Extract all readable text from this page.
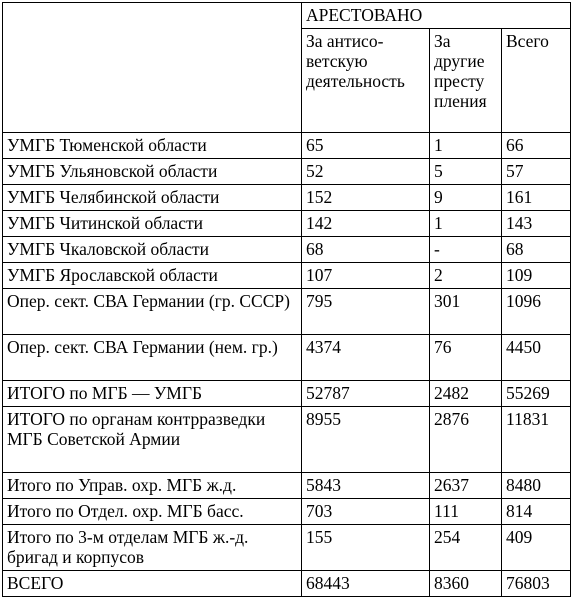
	АРЕСТОВАНО		

	За антисо-ветскую деятельность	За другие престу пления	Всего

УМГБ Тюменской области	65	1	66

УМГБ Ульяновской области	52	5	57

УМГБ Челябинской области	152	9	161

УМГБ Читинской области	142	1	143

УМГБ Чкаловской области	68	-	68

УМГБ Ярославской области	107	2	109

Опер. сект. СВА Германии (гр. СССР)	795	301	1096

Опер. сект. СВА Германии (нем. гр.)	4374	76	4450

ИТОГО по МГБ — УМГБ	52787	2482	55269

ИТОГО по органам контрразведки МГБ Советской Армии	8955	2876	11831

Итого по Управ. охр. МГБ ж.д.	5843	2637	8480

Итого по Отдел. охр. МГБ басс.	703	111	814

Итого по 3-м отделам МГБ ж.-д. бригад и корпусов	155	254	409

ВСЕГО	68443	8360	76803
